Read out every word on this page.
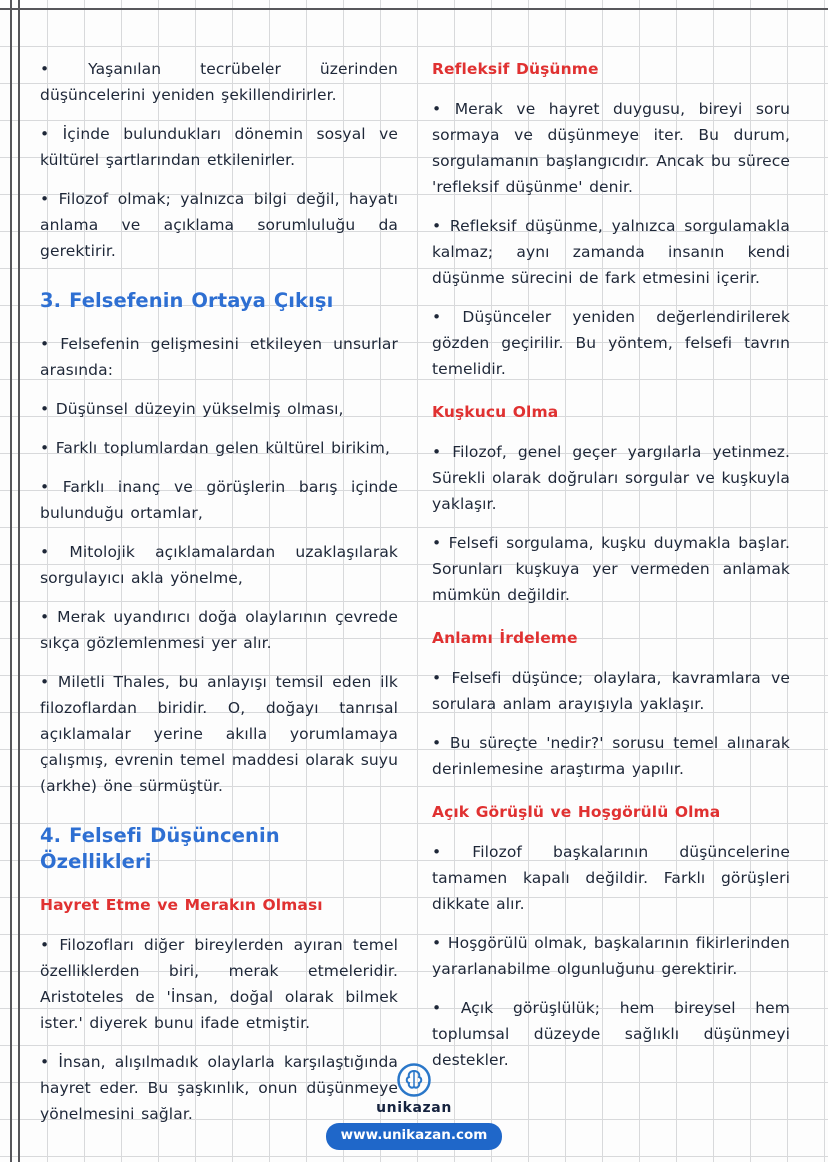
• Yaşanılan tecrübeler üzerinden düşüncelerini yeniden şekillendirirler.
• İçinde bulundukları dönemin sosyal ve kültürel şartlarından etkilenirler.
• Filozof olmak; yalnızca bilgi değil, hayatı anlama ve açıklama sorumluluğu da gerektirir.
3. Felsefenin Ortaya Çıkışı
• Felsefenin gelişmesini etkileyen unsurlar arasında:
• Düşünsel düzeyin yükselmiş olması,
• Farklı toplumlardan gelen kültürel birikim,
• Farklı inanç ve görüşlerin barış içinde bulunduğu ortamlar,
• Mitolojik açıklamalardan uzaklaşılarak sorgulayıcı akla yönelme,
• Merak uyandırıcı doğa olaylarının çevrede sıkça gözlemlenmesi yer alır.
• Miletli Thales, bu anlayışı temsil eden ilk filozoflardan biridir. O, doğayı tanrısal açıklamalar yerine akılla yorumlamaya çalışmış, evrenin temel maddesi olarak suyu (arkhe) öne sürmüştür.
4. Felsefi Düşüncenin Özellikleri
Hayret Etme ve Merakın Olması
• Filozofları diğer bireylerden ayıran temel özelliklerden biri, merak etmeleridir. Aristoteles de 'İnsan, doğal olarak bilmek ister.' diyerek bunu ifade etmiştir.
• İnsan, alışılmadık olaylarla karşılaştığında hayret eder. Bu şaşkınlık, onun düşünmeye yönelmesini sağlar.
Refleksif Düşünme
• Merak ve hayret duygusu, bireyi soru sormaya ve düşünmeye iter. Bu durum, sorgulamanın başlangıcıdır. Ancak bu sürece 'refleksif düşünme' denir.
• Refleksif düşünme, yalnızca sorgulamakla kalmaz; aynı zamanda insanın kendi düşünme sürecini de fark etmesini içerir.
• Düşünceler yeniden değerlendirilerek gözden geçirilir. Bu yöntem, felsefi tavrın temelidir.
Kuşkucu Olma
• Filozof, genel geçer yargılarla yetinmez. Sürekli olarak doğruları sorgular ve kuşkuyla yaklaşır.
• Felsefi sorgulama, kuşku duymakla başlar. Sorunları kuşkuya yer vermeden anlamak mümkün değildir.
Anlamı İrdeleme
• Felsefi düşünce; olaylara, kavramlara ve sorulara anlam arayışıyla yaklaşır.
• Bu süreçte 'nedir?' sorusu temel alınarak derinlemesine araştırma yapılır.
Açık Görüşlü ve Hoşgörülü Olma
• Filozof başkalarının düşüncelerine tamamen kapalı değildir. Farklı görüşleri dikkate alır.
• Hoşgörülü olmak, başkalarının fikirlerinden yararlanabilme olgunluğunu gerektirir.
• Açık görüşlülük; hem bireysel hem toplumsal düzeyde sağlıklı düşünmeyi destekler.
unikazan
www.unikazan.com
